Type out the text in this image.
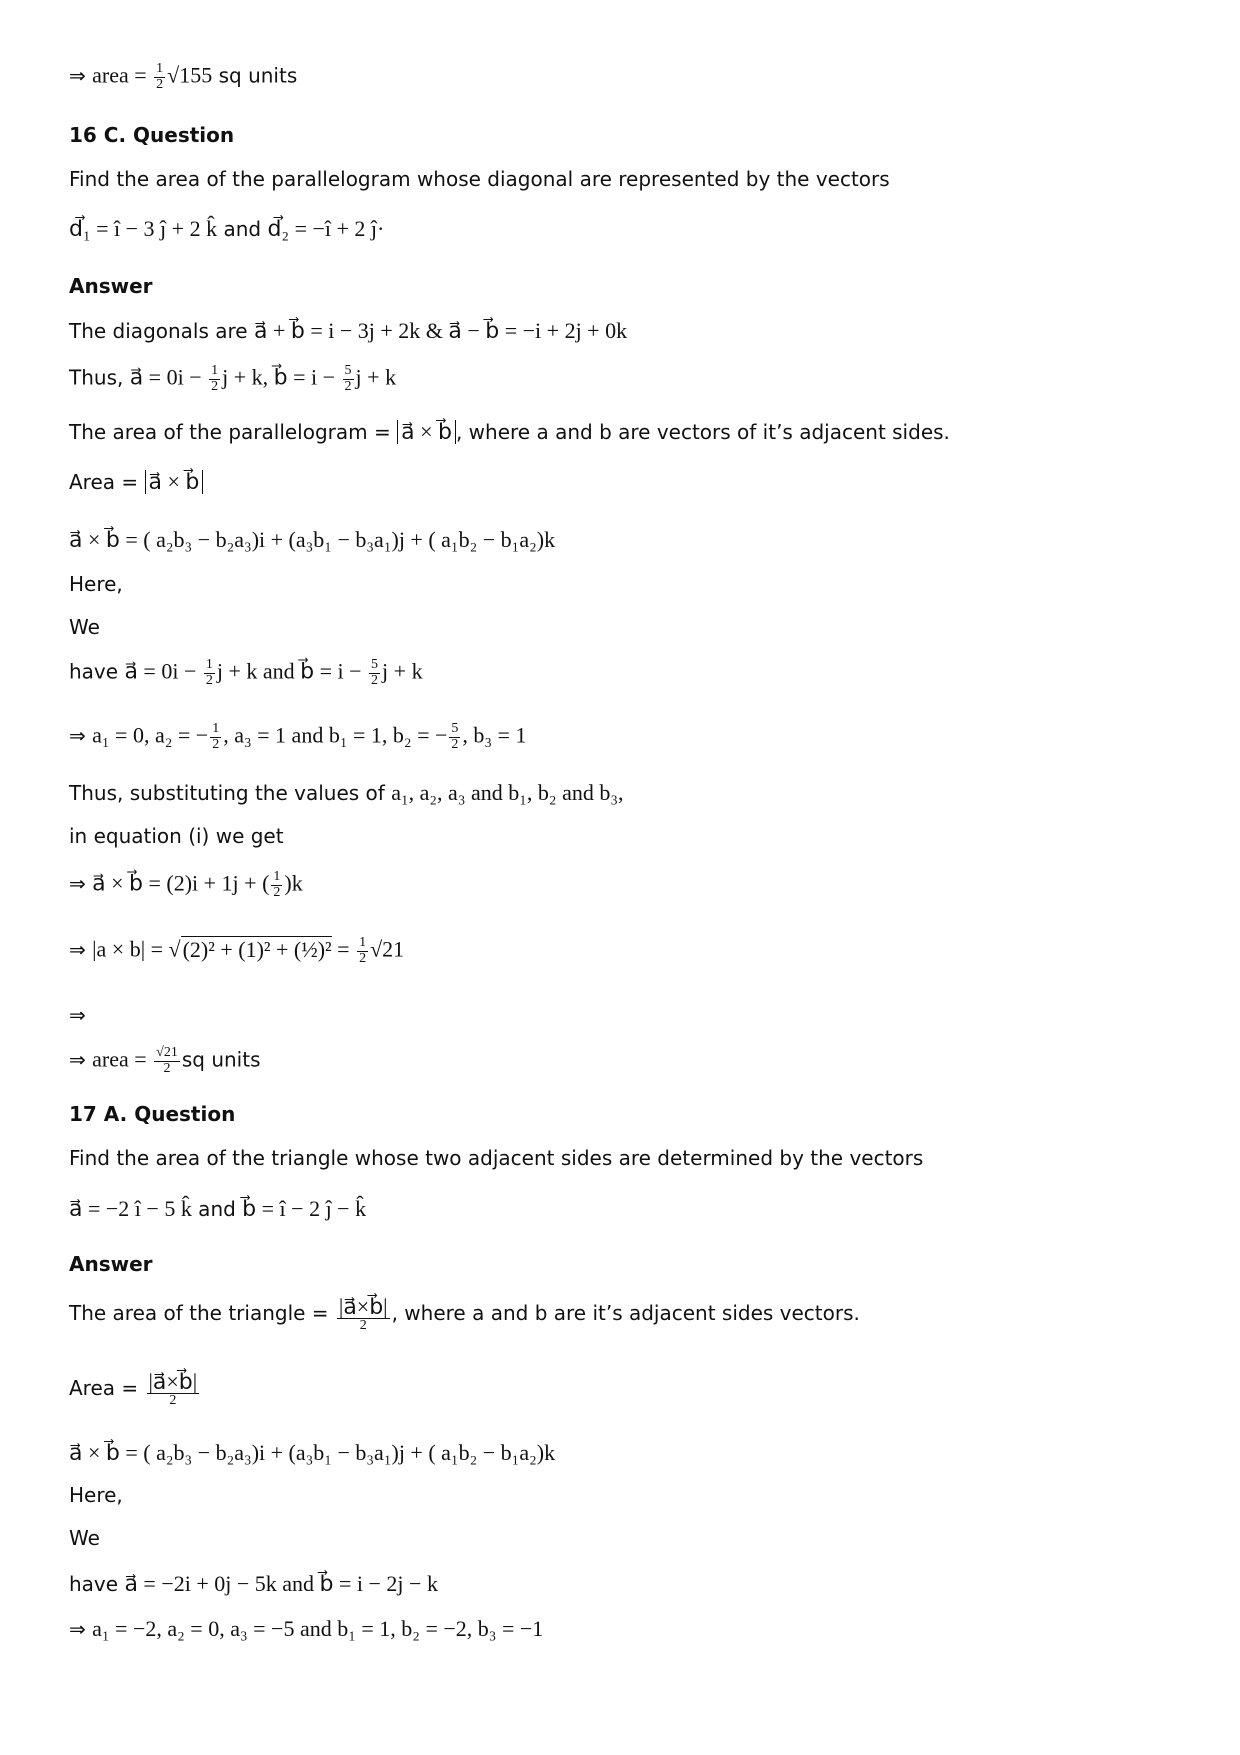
⇒ area = $\frac{1}{2} √155$ sq units
16 C. Question
Find the area of the parallelogram whose diagonal are represented by the vectors
d⃗₁ = î − 3 ĵ + 2 k̂ and d⃗₂ = −î + 2 ĵ·
Answer
The diagonals are a⃗ + b⃗ = i − 3j + 2k & a⃗ − b⃗ = −i + 2j + 0k
Thus, a⃗ = $0i - \frac{1}{2}$ j + k, b⃗ = $i - \frac{5}{2}$ j + k
The area of the parallelogram = a⃗ × b⃗ , where a and b are vectors of it’s adjacent sides.
Area = a⃗ × b⃗
a⃗ × b⃗ = ( a₂b₃ − b₂a₃)i + (a₃b₁ − b₃a₁)j + ( a₁b₂ − b₁a₂)k
Here,
We
have a⃗ = $0i - \frac{1}{2}$ j + k and b⃗ = $i - \frac{5}{2}$ j + k
⇒ a₁ = 0, a₂ = − $\frac{1}{2}$ , a₃ = 1 and b₁ = 1, b₂ = − $\frac{5}{2}$ , b₃ = 1
Thus, substituting the values of a₁, a₂, a₃ and b₁, b₂ and b₃,
in equation (i) we get
⇒ a⃗ × b⃗ = (2)i + 1j + ( $\frac{1}{2} )k$
⇒ |a × b| = √(2)² + (1)² + (½)² = $\frac{1}{2} √21$
⇒
⇒ area = $\frac{√21}{2}$ sq units
17 A. Question
Find the area of the triangle whose two adjacent sides are determined by the vectors
a⃗ = −2 î − 5 k̂ and b⃗ = î − 2 ĵ − k̂
Answer
The area of the triangle = |a⃗×b⃗|
2
, where a and b are it’s adjacent sides vectors.
Area = |a⃗×b⃗|
2
a⃗ × b⃗ = ( a₂b₃ − b₂a₃)i + (a₃b₁ − b₃a₁)j + ( a₁b₂ − b₁a₂)k
Here,
We
have a⃗ = −2i + 0j − 5k and b⃗ = i − 2j − k
⇒ a₁ = −2, a₂ = 0, a₃ = −5 and b₁ = 1, b₂ = −2, b₃ = −1
